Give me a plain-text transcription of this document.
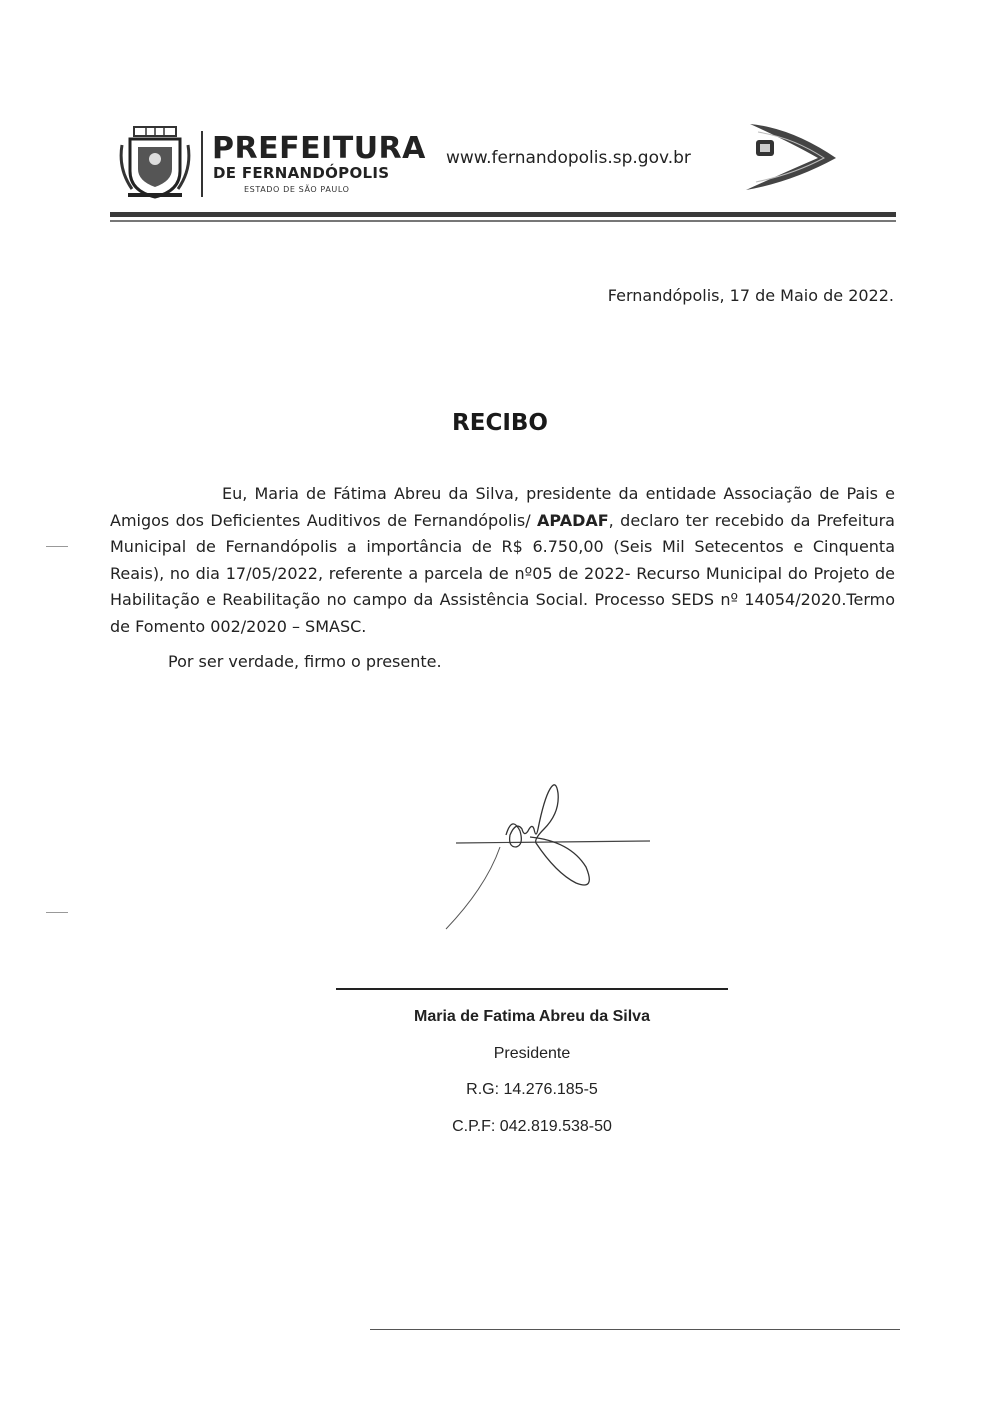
PREFEITURA
DE FERNANDÓPOLIS
ESTADO DE SÃO PAULO
www.fernandopolis.sp.gov.br
Fernandópolis, 17 de Maio de 2022.
RECIBO
Eu, Maria de Fátima Abreu da Silva, presidente da entidade Associação de Pais e Amigos dos Deficientes Auditivos de Fernandópolis/ APADAF, declaro ter recebido da Prefeitura Municipal de Fernandópolis a importância de R$ 6.750,00 (Seis Mil Setecentos e Cinquenta Reais), no dia 17/05/2022, referente a parcela de nº05 de 2022- Recurso Municipal do Projeto de Habilitação e Reabilitação no campo da Assistência Social. Processo SEDS nº 14054/2020.Termo de Fomento 002/2020 – SMASC.
Por ser verdade, firmo o presente.
Maria de Fatima Abreu da Silva
Presidente
R.G: 14.276.185-5
C.P.F: 042.819.538-50
